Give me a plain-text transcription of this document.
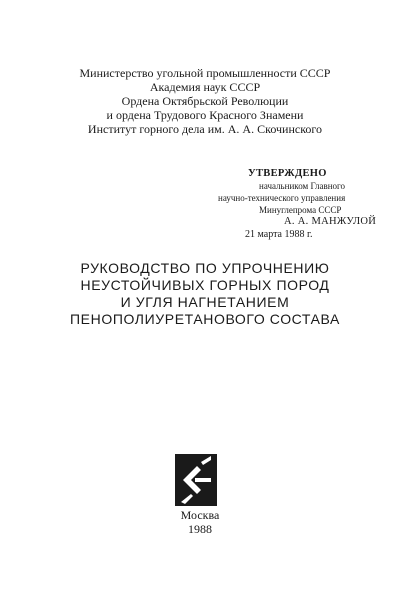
Министерство угольной промышленности СССР
Академия наук СССР
Ордена Октябрьской Революции
и ордена Трудового Красного Знамени
Институт горного дела им. А. А. Скочинского
УТВЕРЖДЕНО
начальником Главного
научно-технического управления
Минуглепрома СССР
А. А. МАНЖУЛОЙ
21 марта 1988 г.
РУКОВОДСТВО ПО УПРОЧНЕНИЮ
НЕУСТОЙЧИВЫХ ГОРНЫХ ПОРОД
И УГЛЯ НАГНЕТАНИЕМ
ПЕНОПОЛИУРЕТАНОВОГО СОСТАВА
Москва
1988
